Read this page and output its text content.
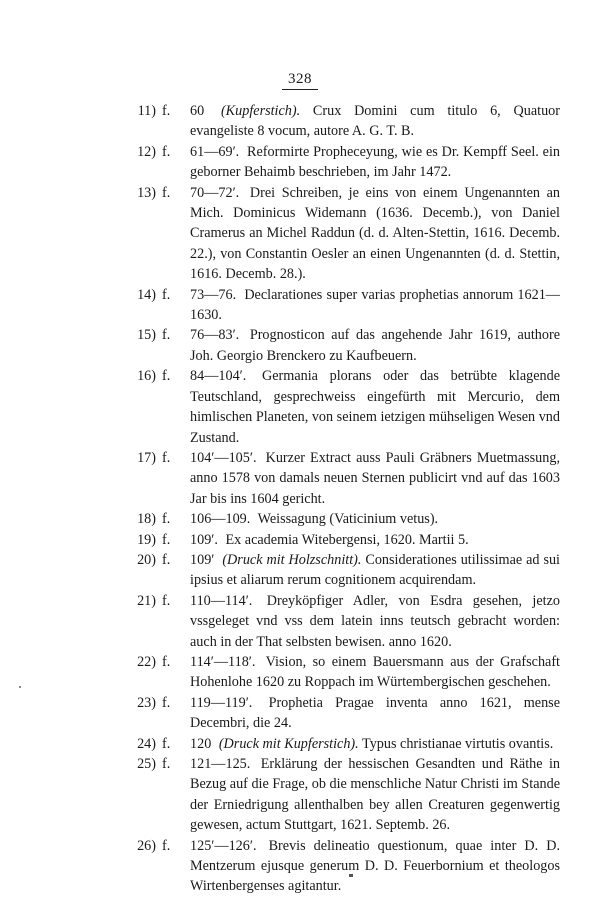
328
11) f. 60 (Kupferstich). Crux Domini cum titulo 6, Quatuor evangeliste 8 vocum, autore A. G. T. B.
12) f. 61—69′. Reformirte Propheceyung, wie es Dr. Kempff Seel. ein geborner Behaimb beschrieben, im Jahr 1472.
13) f. 70—72′. Drei Schreiben, je eins von einem Ungenannten an Mich. Dominicus Widemann (1636. Decemb.), von Daniel Cramerus an Michel Raddun (d. d. Alten-Stettin, 1616. Decemb. 22.), von Constantin Oesler an einen Ungenannten (d. d. Stettin, 1616. Decemb. 28.).
14) f. 73—76. Declarationes super varias prophetias annorum 1621—1630.
15) f. 76—83′. Prognosticon auf das angehende Jahr 1619, authore Joh. Georgio Brenckero zu Kaufbeuern.
16) f. 84—104′. Germania plorans oder das betrübte klagende Teutschland, gesprechweiss eingefürth mit Mercurio, dem himlischen Planeten, von seinem ietzigen mühseligen Wesen vnd Zustand.
17) f. 104′—105′. Kurzer Extract auss Pauli Gräbners Muetmassung, anno 1578 von damals neuen Sternen publicirt vnd auf das 1603 Jar bis ins 1604 gericht.
18) f. 106—109. Weissagung (Vaticinium vetus).
19) f. 109′. Ex academia Witebergensi, 1620. Martii 5.
20) f. 109′ (Druck mit Holzschnitt). Considerationes utilissimae ad sui ipsius et aliarum rerum cognitionem acquirendam.
21) f. 110—114′. Dreyköpfiger Adler, von Esdra gesehen, jetzo vssgeleget vnd vss dem latein inns teutsch gebracht worden: auch in der That selbsten bewisen. anno 1620.
22) f. 114′—118′. Vision, so einem Bauersmann aus der Grafschaft Hohenlohe 1620 zu Roppach im Würtembergischen geschehen.
23) f. 119—119′. Prophetia Pragae inventa anno 1621, mense Decembri, die 24.
24) f. 120 (Druck mit Kupferstich). Typus christianae virtutis ovantis.
25) f. 121—125. Erklärung der hessischen Gesandten und Räthe in Bezug auf die Frage, ob die menschliche Natur Christi im Stande der Erniedrigung allenthalben bey allen Creaturen gegenwertig gewesen, actum Stuttgart, 1621. Septemb. 26.
26) f. 125′—126′. Brevis delineatio questionum, quae inter D. D. Mentzerum ejusque generum D. D. Feuerbornium et theologos Wirtenbergenses agitantur.
